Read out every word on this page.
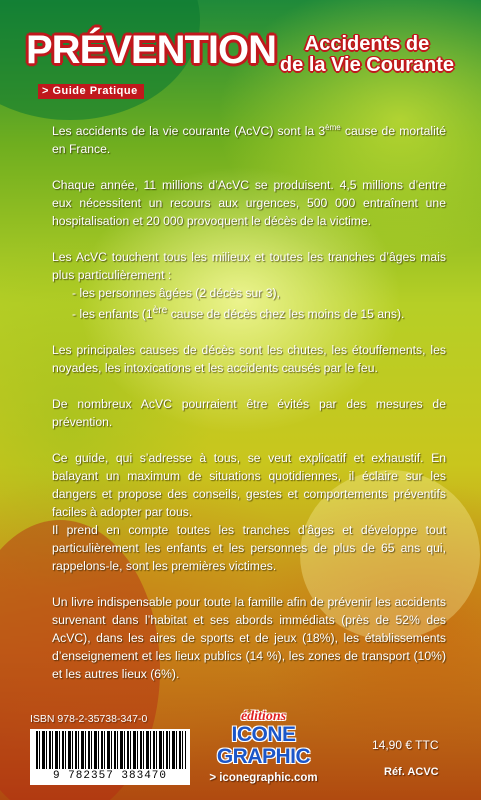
PRÉVENTION
> Guide Pratique
Accidents de
de la Vie Courante

Les accidents de la vie courante (AcVC) sont la 3ème cause de mortalité en France.

Chaque année, 11 millions d’AcVC se produisent. 4,5 millions d’entre eux nécessitent un recours aux urgences, 500 000 entraînent une hospitalisation et 20 000 provoquent le décès de la victime.

Les AcVC touchent tous les milieux et toutes les tranches d’âges mais plus particulièrement :

- les personnes âgées (2 décès sur 3),
- les enfants (1ère cause de décès chez les moins de 15 ans).

Les principales causes de décès sont les chutes, les étouffements, les noyades, les intoxications et les accidents causés par le feu.

De nombreux AcVC pourraient être évités par des mesures de prévention.

Ce guide, qui s’adresse à tous, se veut explicatif et exhaustif. En balayant un maximum de situations quotidiennes, il éclaire sur les dangers et propose des conseils, gestes et comportements préventifs faciles à adopter par tous.
Il prend en compte toutes les tranches d’âges et développe tout particulièrement les enfants et les personnes de plus de 65 ans qui, rappelons-le, sont les premières victimes.

Un livre indispensable pour toute la famille afin de prévenir les accidents survenant dans l’habitat et ses abords immédiats (près de 52% des AcVC), dans les aires de sports et de jeux (18%), les établissements d’enseignement et les lieux publics (14 %), les zones de transport (10%) et les autres lieux (6%).

ISBN 978-2-35738-347-0
9 782357 383470
éditions
ICONE GRAPHIC
> iconegraphic.com
14,90 € TTC
Réf. ACVC
